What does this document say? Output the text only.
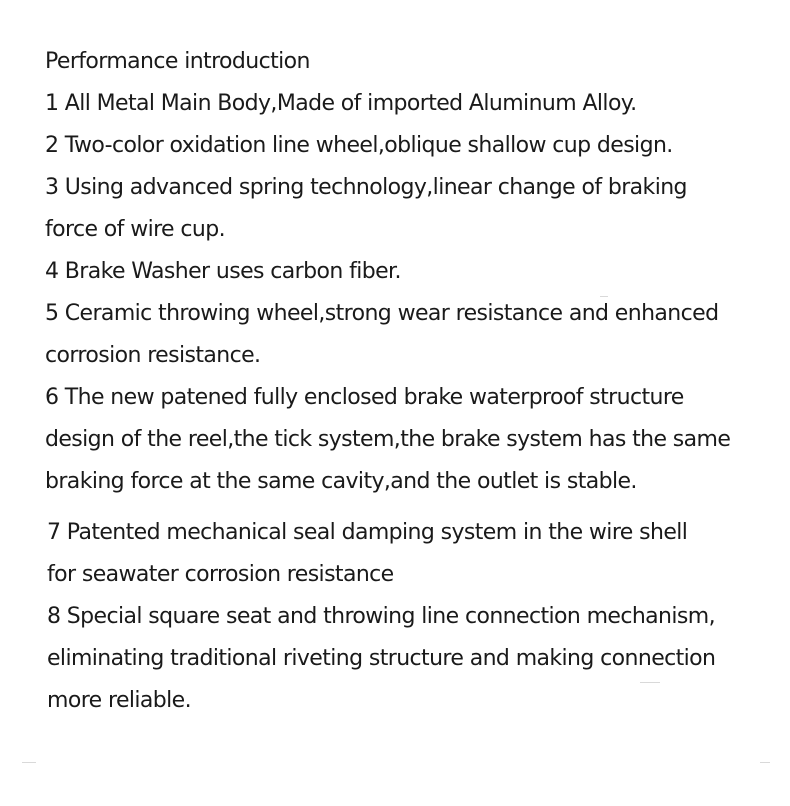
Performance introduction
1 All Metal Main Body,Made of imported Aluminum Alloy.
2 Two-color oxidation line wheel,oblique shallow cup design.
3 Using advanced spring technology,linear change of braking
force of wire cup.
4 Brake Washer uses carbon fiber.
5 Ceramic throwing wheel,strong wear resistance and enhanced
corrosion resistance.
6 The new patened fully enclosed brake waterproof structure
design of the reel,the tick system,the brake system has the same
braking force at the same cavity,and the outlet is stable.
7 Patented mechanical seal damping system in the wire shell
for seawater corrosion resistance
8 Special square seat and throwing line connection mechanism,
eliminating traditional riveting structure and making connection
more reliable.
